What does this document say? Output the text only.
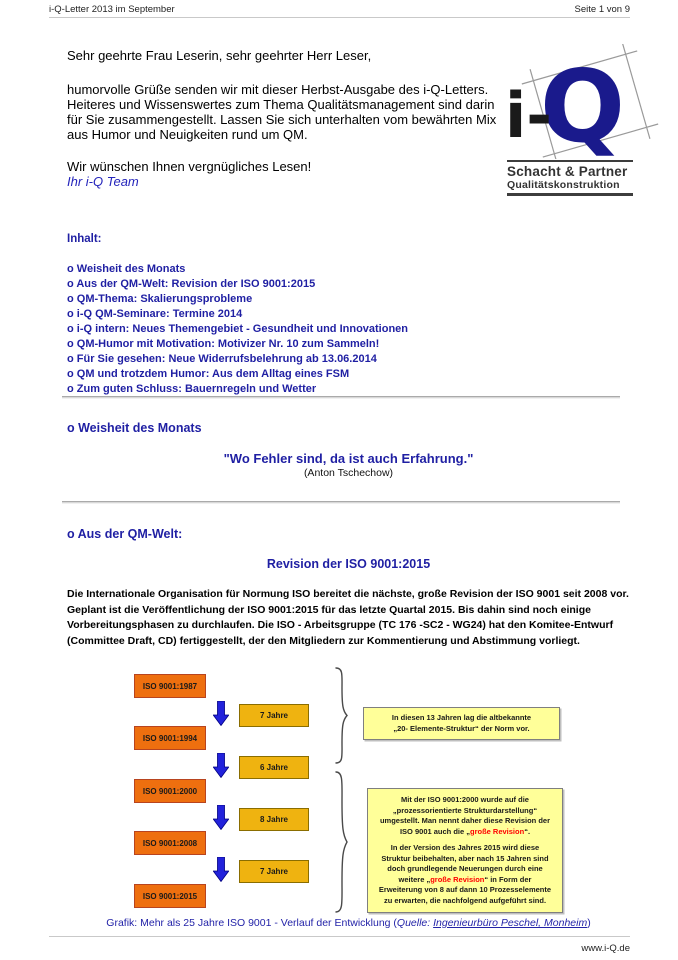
i-Q-Letter 2013 im September	Seite 1 von 9
Sehr geehrte Frau Leserin, sehr geehrter Herr Leser,
humorvolle Grüße senden wir mit dieser Herbst-Ausgabe des i-Q-Letters. Heiteres und Wissenswertes zum Thema Qualitätsmanagement sind darin für Sie zusammengestellt. Lassen Sie sich unterhalten vom bewährten Mix aus Humor und Neuigkeiten rund um QM.
Wir wünschen Ihnen vergnügliches Lesen!
Ihr i-Q Team
Q
i-
Schacht & Partner
Qualitätskonstruktion
Inhalt:
o Weisheit des Monats
o Aus der QM-Welt: Revision der ISO 9001:2015
o QM-Thema: Skalierungsprobleme
o i-Q QM-Seminare: Termine 2014
o i-Q intern: Neues Themengebiet - Gesundheit und Innovationen
o QM-Humor mit Motivation: Motivizer Nr. 10 zum Sammeln!
o Für Sie gesehen: Neue Widerrufsbelehrung ab 13.06.2014
o QM und trotzdem Humor: Aus dem Alltag eines FSM
o Zum guten Schluss: Bauernregeln und Wetter
o Weisheit des Monats
"Wo Fehler sind, da ist auch Erfahrung."
(Anton Tschechow)
o Aus der QM-Welt:
Revision der ISO 9001:2015
Die Internationale Organisation für Normung ISO bereitet die nächste, große Revision der ISO 9001 seit 2008 vor. Geplant ist die Veröffentlichung der ISO 9001:2015 für das letzte Quartal 2015. Bis dahin sind noch einige Vorbereitungsphasen zu durchlaufen. Die ISO - Arbeitsgruppe (TC 176 -SC2 - WG24) hat den Komitee-Entwurf (Committee Draft, CD) fertiggestellt, der den Mitgliedern zur Kommentierung und Abstimmung vorliegt.
ISO 9001:1987
ISO 9001:1994
ISO 9001:2000
ISO 9001:2008
ISO 9001:2015
7 Jahre
6 Jahre
8 Jahre
7 Jahre
In diesen 13 Jahren lag die altbekannte
„20- Elemente-Struktur“ der Norm vor.

Mit der ISO 9001:2000 wurde auf die „prozessorientierte Strukturdarstellung“ umgestellt. Man nennt daher diese Revision der ISO 9001 auch die „große Revision“.

In der Version des Jahres 2015 wird diese Struktur beibehalten, aber nach 15 Jahren sind doch grundlegende Neuerungen durch eine weitere „große Revision“ in Form der Erweiterung von 8 auf dann 10 Prozesselemente zu erwarten, die nachfolgend aufgeführt sind.

Grafik: Mehr als 25 Jahre ISO 9001 - Verlauf der Entwicklung (Quelle: Ingenieurbüro Peschel, Monheim)
www.i-Q.de
